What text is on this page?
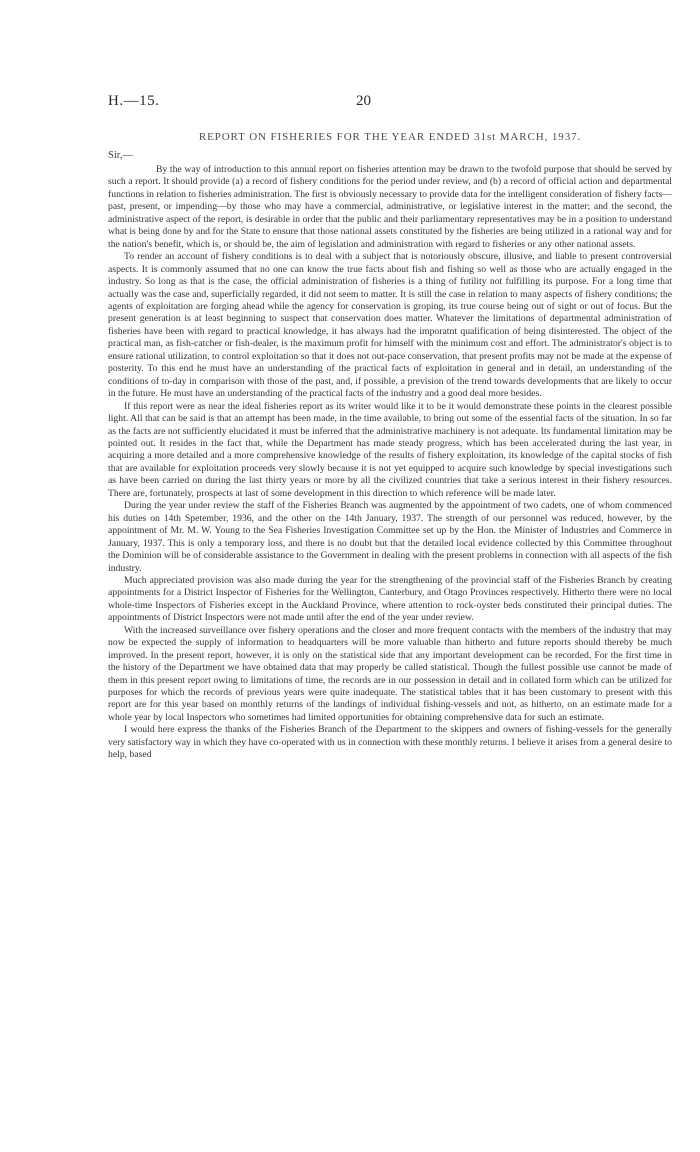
H.—15.	20
REPORT ON FISHERIES FOR THE YEAR ENDED 31st MARCH, 1937.
Sir,—

By the way of introduction to this annual report on fisheries attention may be drawn to the twofold purpose that should be served by such a report. It should provide (a) a record of fishery conditions for the period under review, and (b) a record of official action and departmental functions in relation to fisheries administration. The first is obviously necessary to provide data for the intelligent consideration of fishery facts—past, present, or impending—by those who may have a commercial, administrative, or legislative interest in the matter; and the second, the administrative aspect of the report, is desirable in order that the public and their parliamentary representatives may be in a position to understand what is being done by and for the State to ensure that those national assets constituted by the fisheries are being utilized in a rational way and for the nation's benefit, which is, or should be, the aim of legislation and administration with regard to fisheries or any other national assets.

To render an account of fishery conditions is to deal with a subject that is notoriously obscure, illusive, and liable to present controversial aspects. It is commonly assumed that no one can know the true facts about fish and fishing so well as those who are actually engaged in the industry. So long as that is the case, the official administration of fisheries is a thing of futility not fulfilling its purpose. For a long time that actually was the case and, superficially regarded, it did not seem to matter. It is still the case in relation to many aspects of fishery conditions; the agents of exploitation are forging ahead while the agency for conservation is groping, its true course being out of sight or out of focus. But the present generation is at least beginning to suspect that conservation does matter. Whatever the limitations of departmental administration of fisheries have been with regard to practical knowledge, it has always had the imporatnt qualification of being disinterested. The object of the practical man, as fish-catcher or fish-dealer, is the maximum profit for himself with the minimum cost and effort. The administrator's object is to ensure rational utilization, to control exploitation so that it does not out-pace conservation, that present profits may not be made at the expense of posterity. To this end he must have an understanding of the practical facts of exploitation in general and in detail, an understanding of the conditions of to-day in comparison with those of the past, and, if possible, a prevision of the trend towards developments that are likely to occur in the future. He must have an understanding of the practical facts of the industry and a good deal more besides.

If this report were as near the ideal fisheries report as its writer would like it to be it would demonstrate these points in the clearest possible light. All that can be said is that an attempt has been made, in the time available, to bring out some of the essential facts of the situation. In so far as the facts are not sufficiently elucidated it must be inferred that the administrative machinery is not adequate. Its fundamental limitation may be pointed out. It resides in the fact that, while the Department has made steady progress, which has been accelerated during the last year, in acquiring a more detailed and a more comprehensive knowledge of the results of fishery exploitation, its knowledge of the capital stocks of fish that are available for exploitation proceeds very slowly because it is not yet equipped to acquire such knowledge by special investigations such as have been carried on during the last thirty years or more by all the civilized countries that take a serious interest in their fishery resources. There are, fortunately, prospects at last of some development in this direction to which reference will be made later.

During the year under review the staff of the Fisheries Branch was augmented by the appointment of two cadets, one of whom commenced his duties on 14th Spetember, 1936, and the other on the 14th January, 1937. The strength of our personnel was reduced, however, by the appointment of Mr. M. W. Young to the Sea Fisheries Investigation Committee set up by the Hon. the Minister of Industries and Commerce in January, 1937. This is only a temporary loss, and there is no doubt but that the detailed local evidence collected by this Committee throughout the Dominion will be of considerable assistance to the Government in dealing with the present problems in connection with all aspects of the fish industry.

Much appreciated provision was also made during the year for the strengthening of the provincial staff of the Fisheries Branch by creating appointments for a District Inspector of Fisheries for the Wellington, Canterbury, and Otago Provinces respectively. Hitherto there were no local whole-time Inspectors of Fisheries except in the Auckland Province, where attention to rock-oyster beds constituted their principal duties. The appointments of District Inspectors were not made until after the end of the year under review.

With the increased surveillance over fishery operations and the closer and more frequent contacts with the members of the industry that may now be expected the supply of information to headquarters will be more valuable than hitherto and future reports should thereby be much improved. In the present report, however, it is only on the statistical side that any important development can be recorded. For the first time in the history of the Department we have obtained data that may properly be called statistical. Though the fullest possible use cannot be made of them in this present report owing to limitations of time, the records are in our possession in detail and in collated form which can be utilized for purposes for which the records of previous years were quite inadequate. The statistical tables that it has been customary to present with this report are for this year based on monthly returns of the landings of individual fishing-vessels and not, as hitherto, on an estimate made for a whole year by local Inspectors who sometimes had limited opportunities for obtaining comprehensive data for such an estimate.

I would here express the thanks of the Fisheries Branch of the Department to the skippers and owners of fishing-vessels for the generally very satisfactory way in which they have co-operated with us in connection with these monthly returns. I believe it arises from a general desire to help, based
